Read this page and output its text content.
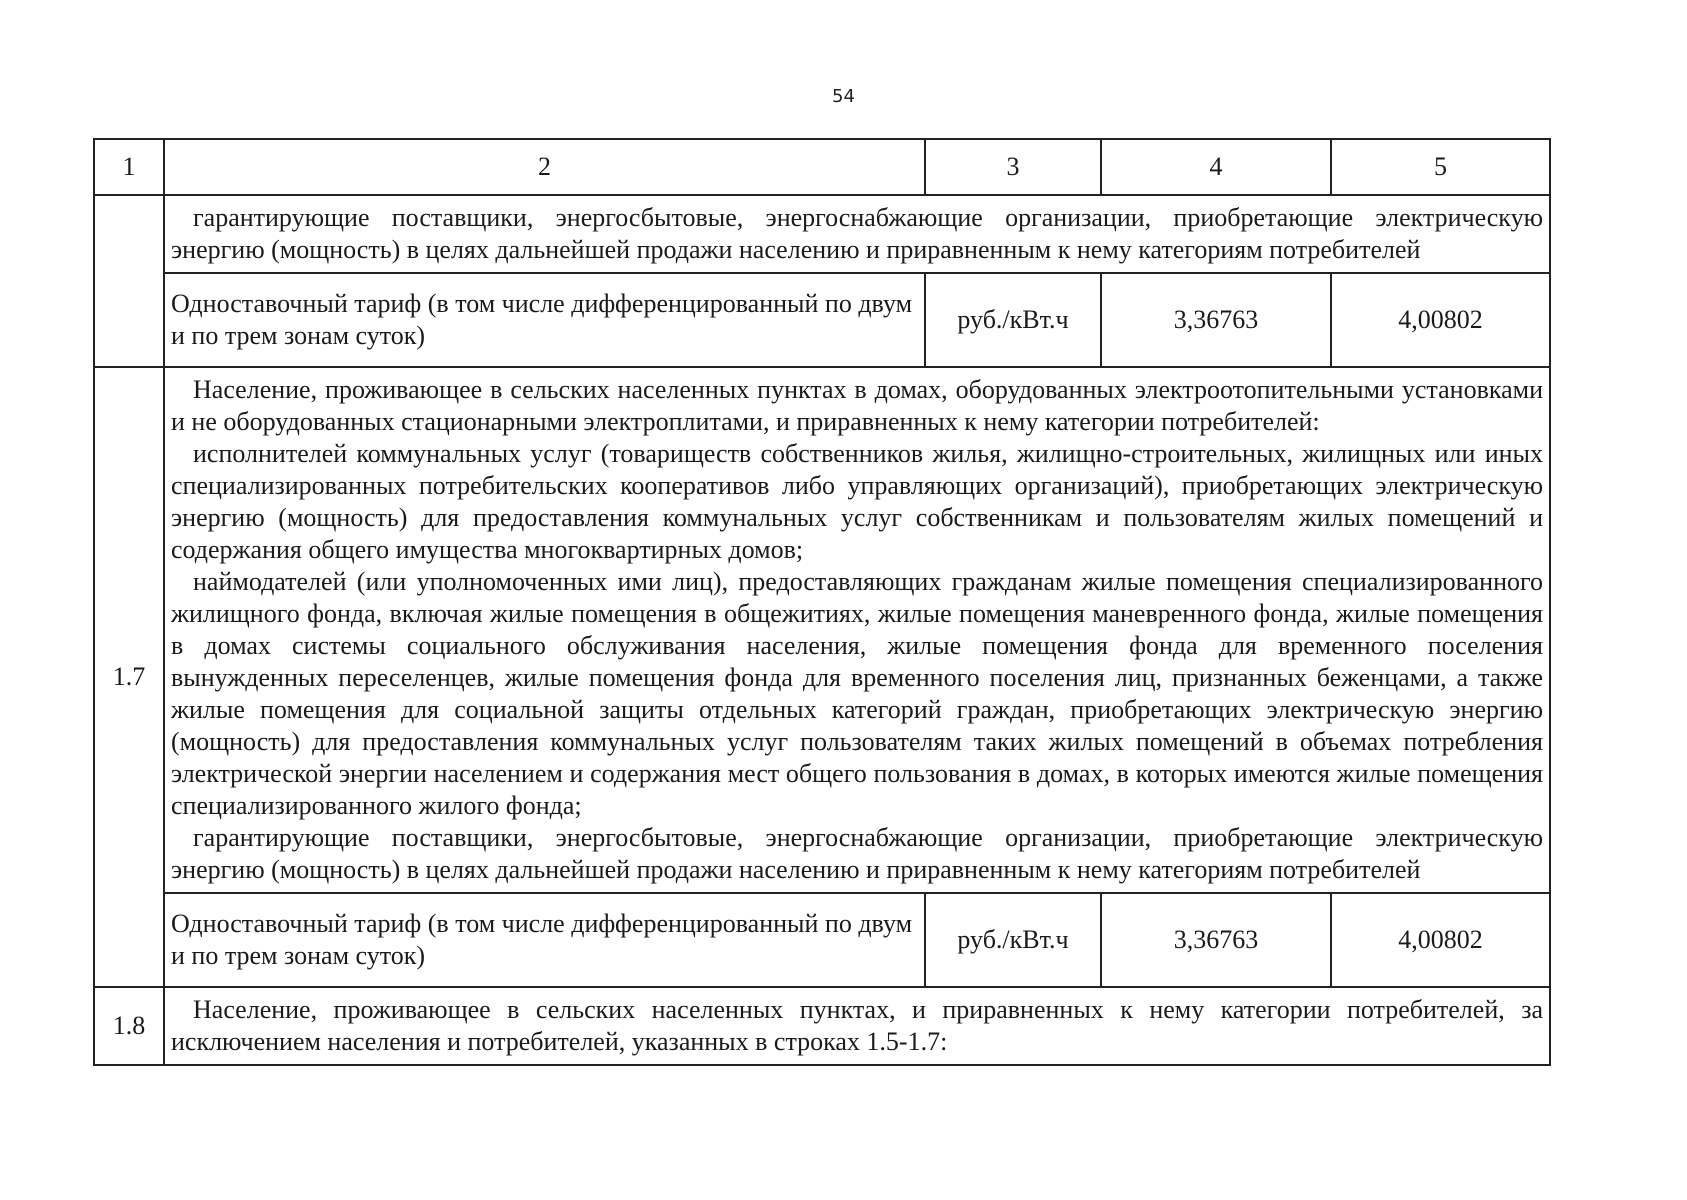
54
1	2	3	4	5

	гарантирующие поставщики, энергосбытовые, энергоснабжающие организации, приобретающие электрическую энергию (мощность) в целях дальнейшей продажи населению и приравненным к нему категориям потребителей			

	Одноставочный тариф (в том числе дифференцированный по двум и по трем зонам суток)	руб./кВт.ч	3,36763	4,00802
1.7	Население, проживающее в сельских населенных пунктах в домах, оборудованных электроотопительными установками и не оборудованных стационарными электроплитами, и приравненных к нему категории потребителей:

исполнителей коммунальных услуг (товариществ собственников жилья, жилищно-строительных, жилищных или иных специализированных потребительских кооперативов либо управляющих организаций), приобретающих электрическую энергию (мощность) для предоставления коммунальных услуг собственникам и пользователям жилых помещений и содержания общего имущества многоквартирных домов;

наймодателей (или уполномоченных ими лиц), предоставляющих гражданам жилые помещения специализированного жилищного фонда, включая жилые помещения в общежитиях, жилые помещения маневренного фонда, жилые помещения в домах системы социального обслуживания населения, жилые помещения фонда для временного поселения вынужденных переселенцев, жилые помещения фонда для временного поселения лиц, признанных беженцами, а также жилые помещения для социальной защиты отдельных категорий граждан, приобретающих электрическую энергию (мощность) для предоставления коммунальных услуг пользователям таких жилых помещений в объемах потребления электрической энергии населением и содержания мест общего пользования в домах, в которых имеются жилые помещения специализированного жилого фонда;

гарантирующие поставщики, энергосбытовые, энергоснабжающие организации, приобретающие электрическую энергию (мощность) в целях дальнейшей продажи населению и приравненным к нему категориям потребителей			

	Одноставочный тариф (в том числе дифференцированный по двум и по трем зонам суток)	руб./кВт.ч	3,36763	4,00802
1.8	Население, проживающее в сельских населенных пунктах, и приравненных к нему категории потребителей, за исключением населения и потребителей, указанных в строках 1.5-1.7:			
